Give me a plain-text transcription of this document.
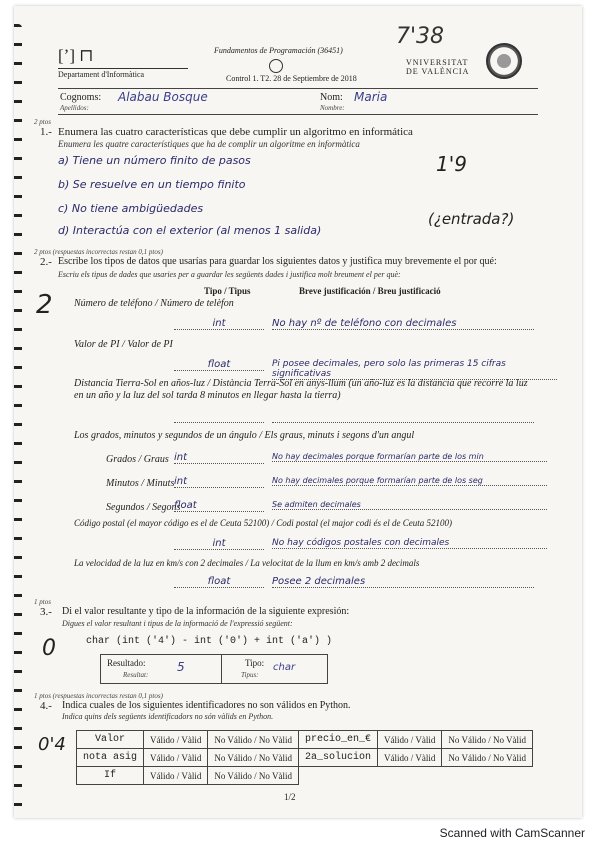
[ʼ] ⊓
Departament d'Informàtica
Fundamentos de Programación (36451)
Control 1. T2. 28 de Septiembre de 2018
7'38
VNIVERSITAT
DE VALÈNCIA
Cognoms:
Apellidos:
Alabau Bosque	Nom:
Nombre:
Maria
2 ptos
1.- Enumera las cuatro características que debe cumplir un algoritmo en informática
Enumera les quatre característiques que ha de complir un algoritme en informàtica
a) Tiene un número finito de pasos
b) Se resuelve en un tiempo finito
c) No tiene ambigüedades
d) Interactúa con el exterior (al menos 1 salida)
(¿entrada?)
1'9
2 ptos (respuestas incorrectas restan 0,1 ptos)
2.- Escribe los tipos de datos que usarías para guardar los siguientes datos y justifica muy brevemente el por qué:
Escriu els tipus de dades que usaries per a guardar les següents dades i justifica molt breument el per què:
Tipo / Tipus	Breve justificación / Breu justificació
2 Número de teléfono / Número de telèfon
int	No hay nº de teléfono con decimales
Valor de PI / Valor de PI
float	Pi posee decimales, pero solo las primeras 15 cifras significativas
Distancia Tierra-Sol en años-luz / Distància Terra-Sol en anys-llum (un año-luz es la distancia que recorre la luz en un año y la luz del sol tarda 8 minutos en llegar hasta la tierra)
Los grados, minutos y segundos de un ángulo / Els graus, minuts i segons d'un angul
Grados / Graus int	No hay decimales porque formarían parte de los min
Minutos / Minuts int	No hay decimales porque formarían parte de los seg
Segundos / Segons
float	Se admiten decimales
Código postal (el mayor código es el de Ceuta 52100) / Codi postal (el major codi és el de Ceuta 52100)
int	No hay códigos postales con decimales
La velocidad de la luz en km/s con 2 decimales / La velocitat de la llum en km/s amb 2 decimals
float	Posee 2 decimales
1 ptos
3.- Di el valor resultante y tipo de la información de la siguiente expresión:
Digues el valor resultant i tipus de la informació de l'expressió següent:
char (int ('4') - int ('0') + int ('a') )
0
Resultado:
Resultat:
5	Tipo:
Tipus:
char
1 ptos (respuestas incorrectas restan 0,1 ptos)
4.- Indica cuales de los siguientes identificadores no son válidos en Python.
Indica quins dels següents identificadors no són vàlids en Python.
0'4	Valor	Válido / Vàlid	No Válido / No Vàlid	precio_en_€	Válido / Vàlid	No Válido / No Vàlid
nota asig	Válido / Vàlid	No Válido / No Vàlid	2a_solucion	Válido / Vàlid	No Válido / No Vàlid
If	Válido / Vàlid	No Válido / No Vàlid			
1/2
Scanned with CamScanner
